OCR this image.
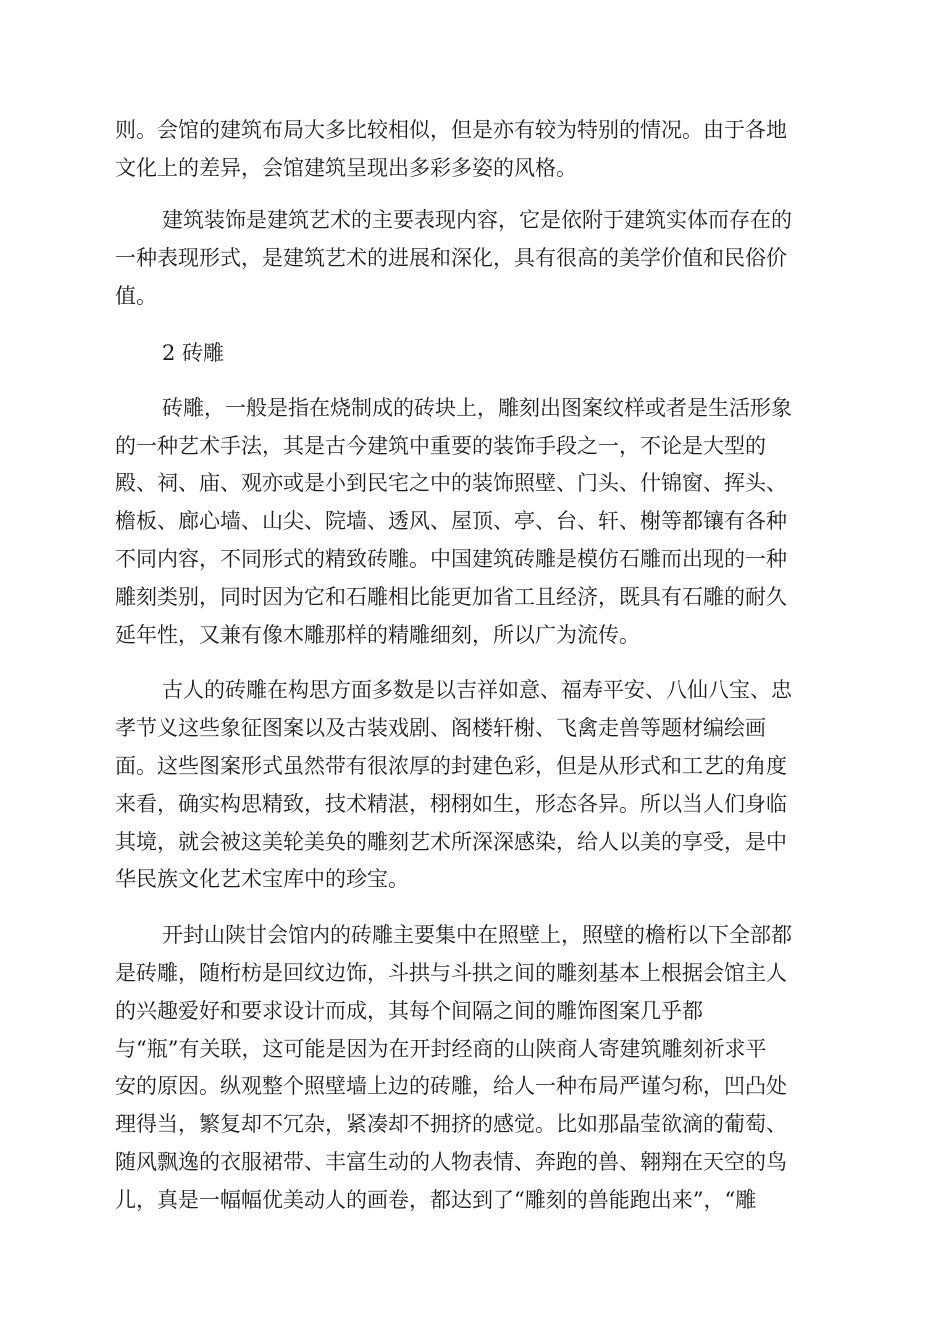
则。会馆的建筑布局大多比较相似，但是亦有较为特别的情况。由于各地
文化上的差异，会馆建筑呈现出多彩多姿的风格。
建筑装饰是建筑艺术的主要表现内容，它是依附于建筑实体而存在的
一种表现形式，是建筑艺术的进展和深化，具有很高的美学价值和民俗价
值。
2 砖雕
砖雕，一般是指在烧制成的砖块上，雕刻出图案纹样或者是生活形象
的一种艺术手法，其是古今建筑中重要的装饰手段之一，不论是大型的
殿、祠、庙、观亦或是小到民宅之中的装饰照壁、门头、什锦窗、挥头、
檐板、廊心墙、山尖、院墙、透风、屋顶、亭、台、轩、榭等都镶有各种
不同内容，不同形式的精致砖雕。中国建筑砖雕是模仿石雕而出现的一种
雕刻类别，同时因为它和石雕相比能更加省工且经济，既具有石雕的耐久
延年性，又兼有像木雕那样的精雕细刻，所以广为流传。
古人的砖雕在构思方面多数是以吉祥如意、福寿平安、八仙八宝、忠
孝节义这些象征图案以及古装戏剧、阁楼轩榭、飞禽走兽等题材编绘画
面。这些图案形式虽然带有很浓厚的封建色彩，但是从形式和工艺的角度
来看，确实构思精致，技术精湛，栩栩如生，形态各异。所以当人们身临
其境，就会被这美轮美奂的雕刻艺术所深深感染，给人以美的享受，是中
华民族文化艺术宝库中的珍宝。
开封山陕甘会馆内的砖雕主要集中在照壁上，照壁的檐桁以下全部都
是砖雕，随桁枋是回纹边饰，斗拱与斗拱之间的雕刻基本上根据会馆主人
的兴趣爱好和要求设计而成，其每个间隔之间的雕饰图案几乎都
与“瓶”有关联，这可能是因为在开封经商的山陕商人寄建筑雕刻祈求平
安的原因。纵观整个照壁墙上边的砖雕，给人一种布局严谨匀称，凹凸处
理得当，繁复却不冗杂，紧凑却不拥挤的感觉。比如那晶莹欲滴的葡萄、
随风飘逸的衣服裙带、丰富生动的人物表情、奔跑的兽、翱翔在天空的鸟
儿，真是一幅幅优美动人的画卷，都达到了“雕刻的兽能跑出来”，“雕
